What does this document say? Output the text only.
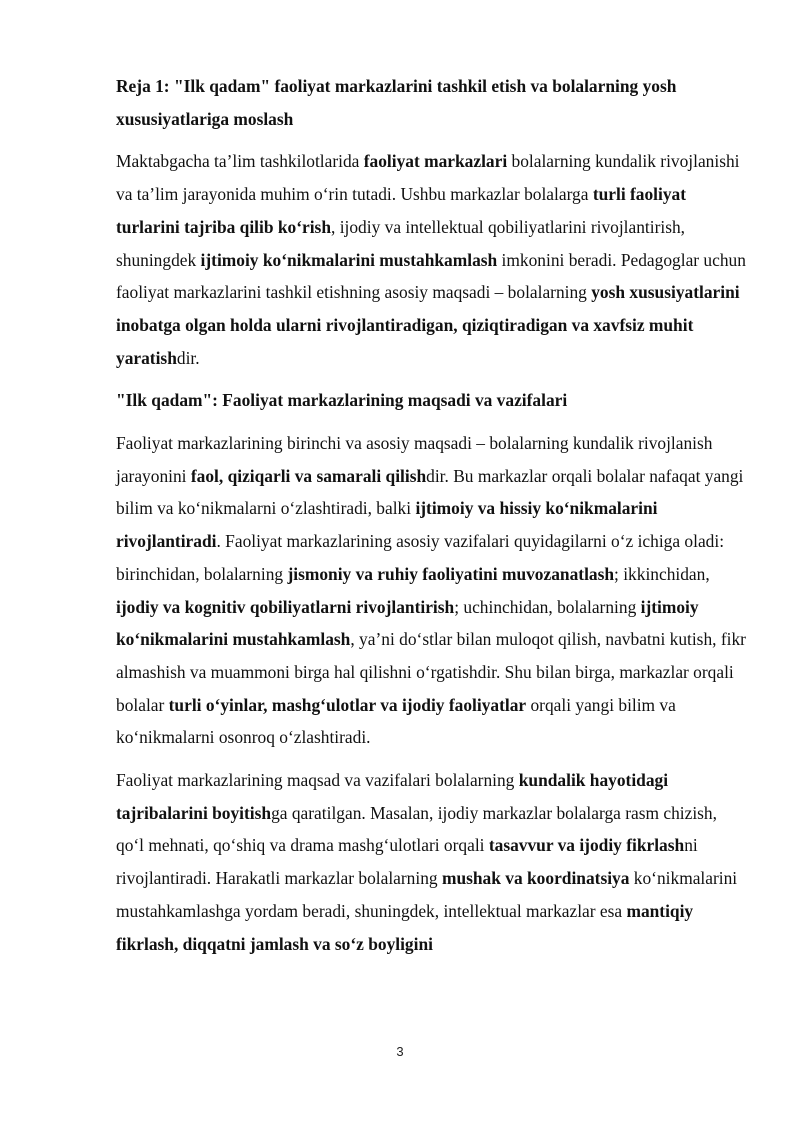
Reja 1: "Ilk qadam" faoliyat markazlarini tashkil etish va bolalarning yosh xususiyatlariga moslash

Maktabgacha ta’lim tashkilotlarida faoliyat markazlari bolalarning kundalik rivojlanishi va ta’lim jarayonida muhim o‘rin tutadi. Ushbu markazlar bolalarga turli faoliyat turlarini tajriba qilib ko‘rish, ijodiy va intellektual qobiliyatlarini rivojlantirish, shuningdek ijtimoiy ko‘nikmalarini mustahkamlash imkonini beradi. Pedagoglar uchun faoliyat markazlarini tashkil etishning asosiy maqsadi – bolalarning yosh xususiyatlarini inobatga olgan holda ularni rivojlantiradigan, qiziqtiradigan va xavfsiz muhit yaratishdir.

"Ilk qadam": Faoliyat markazlarining maqsadi va vazifalari

Faoliyat markazlarining birinchi va asosiy maqsadi – bolalarning kundalik rivojlanish jarayonini faol, qiziqarli va samarali qilishdir. Bu markazlar orqali bolalar nafaqat yangi bilim va ko‘nikmalarni o‘zlashtiradi, balki ijtimoiy va hissiy ko‘nikmalarini rivojlantiradi. Faoliyat markazlarining asosiy vazifalari quyidagilarni o‘z ichiga oladi: birinchidan, bolalarning jismoniy va ruhiy faoliyatini muvozanatlash; ikkinchidan, ijodiy va kognitiv qobiliyatlarni rivojlantirish; uchinchidan, bolalarning ijtimoiy ko‘nikmalarini mustahkamlash, ya’ni do‘stlar bilan muloqot qilish, navbatni kutish, fikr almashish va muammoni birga hal qilishni o‘rgatishdir. Shu bilan birga, markazlar orqali bolalar turli o‘yinlar, mashg‘ulotlar va ijodiy faoliyatlar orqali yangi bilim va ko‘nikmalarni osonroq o‘zlashtiradi.

Faoliyat markazlarining maqsad va vazifalari bolalarning kundalik hayotidagi tajribalarini boyitishga qaratilgan. Masalan, ijodiy markazlar bolalarga rasm chizish, qo‘l mehnati, qo‘shiq va drama mashg‘ulotlari orqali tasavvur va ijodiy fikrlashni rivojlantiradi. Harakatli markazlar bolalarning mushak va koordinatsiya ko‘nikmalarini mustahkamlashga yordam beradi, shuningdek, intellektual markazlar esa mantiqiy fikrlash, diqqatni jamlash va so‘z boyligini

3
